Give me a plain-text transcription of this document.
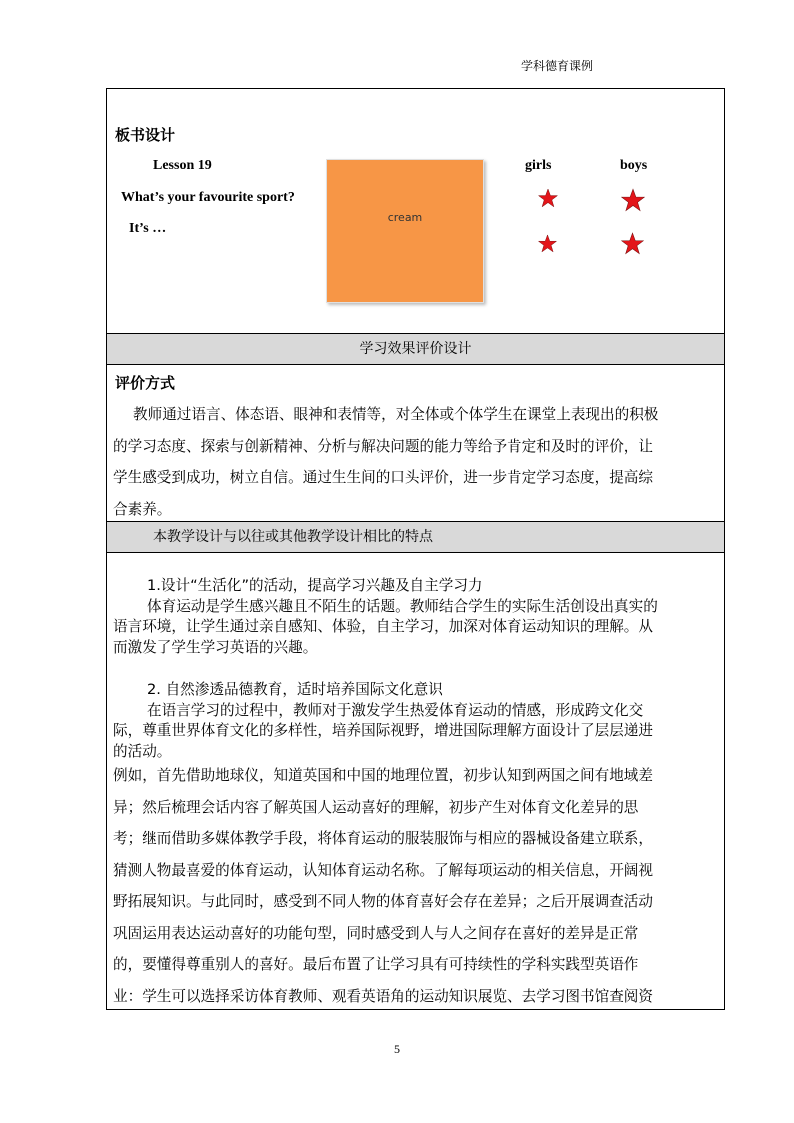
学科德育课例
板书设计
Lesson 19
What’s your favourite sport?
It’s …
cream
girls	boys
学习效果评价设计
评价方式
教师通过语言、体态语、眼神和表情等，对全体或个体学生在课堂上表现出的积极
的学习态度、探索与创新精神、分析与解决问题的能力等给予肯定和及时的评价，让
学生感受到成功，树立自信。通过生生间的口头评价，进一步肯定学习态度，提高综
合素养。
本教学设计与以往或其他教学设计相比的特点
1.设计“生活化”的活动，提高学习兴趣及自主学习力
体育运动是学生感兴趣且不陌生的话题。教师结合学生的实际生活创设出真实的
语言环境，让学生通过亲自感知、体验，自主学习，加深对体育运动知识的理解。从
而激发了学生学习英语的兴趣。
2. 自然渗透品德教育，适时培养国际文化意识
在语言学习的过程中，教师对于激发学生热爱体育运动的情感，形成跨文化交
际，尊重世界体育文化的多样性，培养国际视野，增进国际理解方面设计了层层递进
的活动。
例如，首先借助地球仪，知道英国和中国的地理位置，初步认知到两国之间有地域差
异；然后梳理会话内容了解英国人运动喜好的理解，初步产生对体育文化差异的思
考；继而借助多媒体教学手段，将体育运动的服装服饰与相应的器械设备建立联系，
猜测人物最喜爱的体育运动，认知体育运动名称。了解每项运动的相关信息，开阔视
野拓展知识。与此同时，感受到不同人物的体育喜好会存在差异；之后开展调查活动
巩固运用表达运动喜好的功能句型，同时感受到人与人之间存在喜好的差异是正常
的，要懂得尊重别人的喜好。最后布置了让学习具有可持续性的学科实践型英语作
业：学生可以选择采访体育教师、观看英语角的运动知识展览、去学习图书馆查阅资
5
